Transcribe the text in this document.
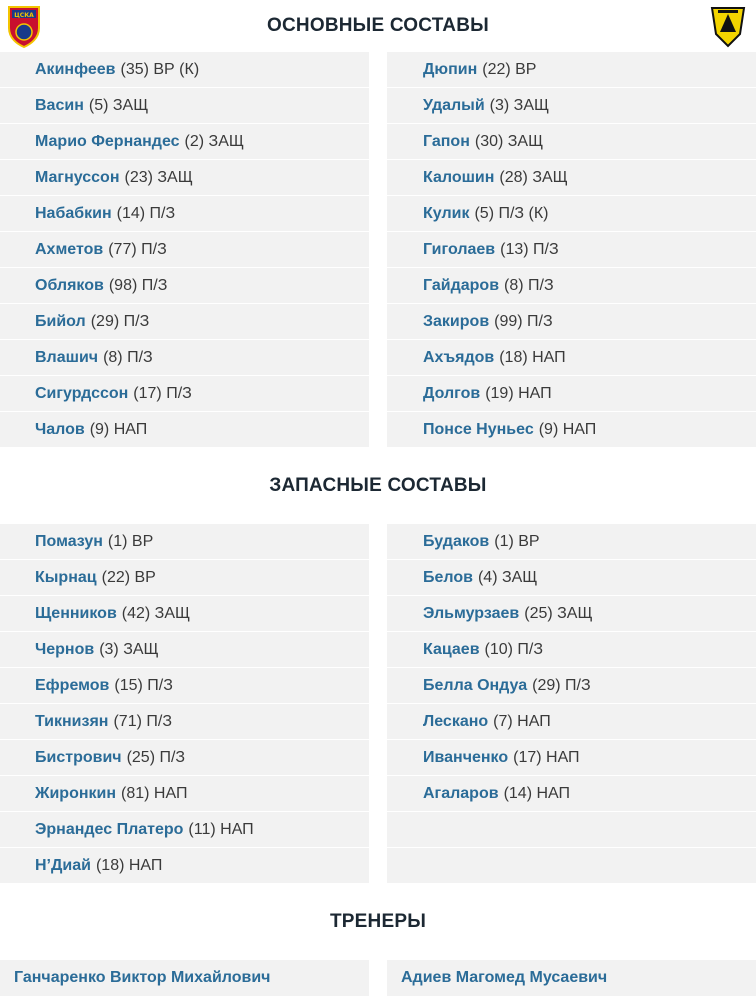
ЦСКА	ОСНОВНЫЕ СОСТАВЫ
Акинфеев (35) ВР (К)
Васин (5) ЗАЩ
Марио Фернандес (2) ЗАЩ
Магнуссон (23) ЗАЩ
Набабкин (14) П/З
Ахметов (77) П/З
Обляков (98) П/З
Бийол (29) П/З
Влашич (8) П/З
Сигурдссон (17) П/З
Чалов (9) НАП
Дюпин (22) ВР
Удалый (3) ЗАЩ
Гапон (30) ЗАЩ
Калошин (28) ЗАЩ
Кулик (5) П/З (К)
Гиголаев (13) П/З
Гайдаров (8) П/З
Закиров (99) П/З
Ахъядов (18) НАП
Долгов (19) НАП
Понсе Нуньес (9) НАП
ЗАПАСНЫЕ СОСТАВЫ
Помазун (1) ВР
Кырнац (22) ВР
Щенников (42) ЗАЩ
Чернов (3) ЗАЩ
Ефремов (15) П/З
Тикнизян (71) П/З
Бистрович (25) П/З
Жиронкин (81) НАП
Эрнандес Платеро (11) НАП
Н’Диай (18) НАП
Будаков (1) ВР
Белов (4) ЗАЩ
Эльмурзаев (25) ЗАЩ
Кацаев (10) П/З
Белла Ондуа (29) П/З
Лескано (7) НАП
Иванченко (17) НАП
Агаларов (14) НАП
ТРЕНЕРЫ
Ганчаренко Виктор Михайлович	Адиев Магомед Мусаевич
